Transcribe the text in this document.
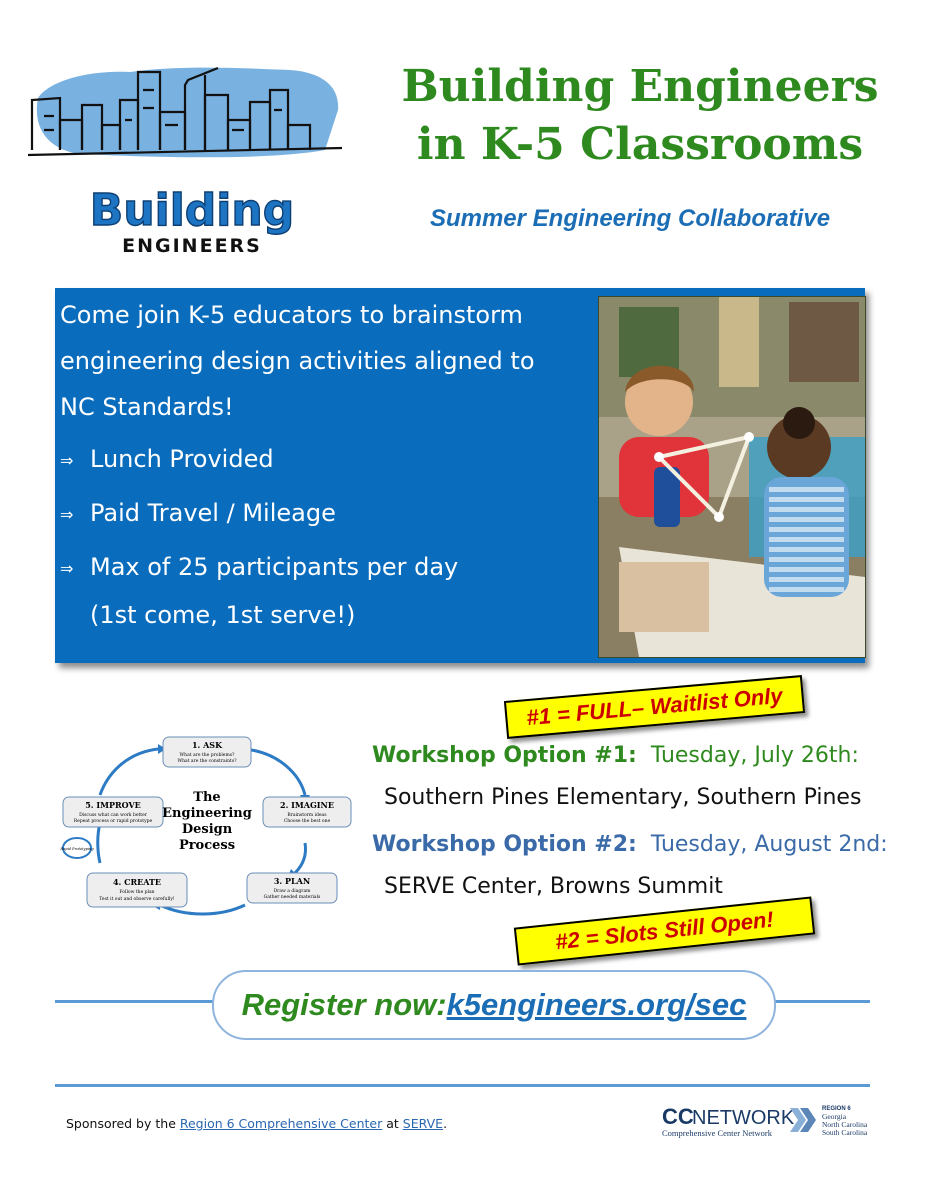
Building
ENGINEERS
Building Engineers
in K-5 Classrooms
Summer Engineering Collaborative
Come join K-5 educators to brainstorm
engineering design activities aligned to
NC Standards!
⇒ Lunch Provided
⇒ Paid Travel / Mileage
⇒ Max of 25 participants per day
(1st come, 1st serve!)
1. ASK
What are the problems?
What are the constraints?
2. IMAGINE
Brainstorm ideas
Choose the best one
3. PLAN
Draw a diagram
Gather needed materials
4. CREATE
Follow the plan
Test it out and observe carefully!
5. IMPROVE
Discuss what can work better
Repeat process or rapid prototype
Rapid Prototyping
The
Engineering
Design
Process
#1 = FULL– Waitlist Only
Workshop Option #1: Tuesday, July 26th:
Southern Pines Elementary, Southern Pines
Workshop Option #2: Tuesday, August 2nd:
SERVE Center, Browns Summit
#2 = Slots Still Open!
Register now: k5engineers.org/sec
Sponsored by the Region 6 Comprehensive Center at SERVE.	CC
NETWORK
Comprehensive Center Network
REGION 6
Georgia
North Carolina
South Carolina
